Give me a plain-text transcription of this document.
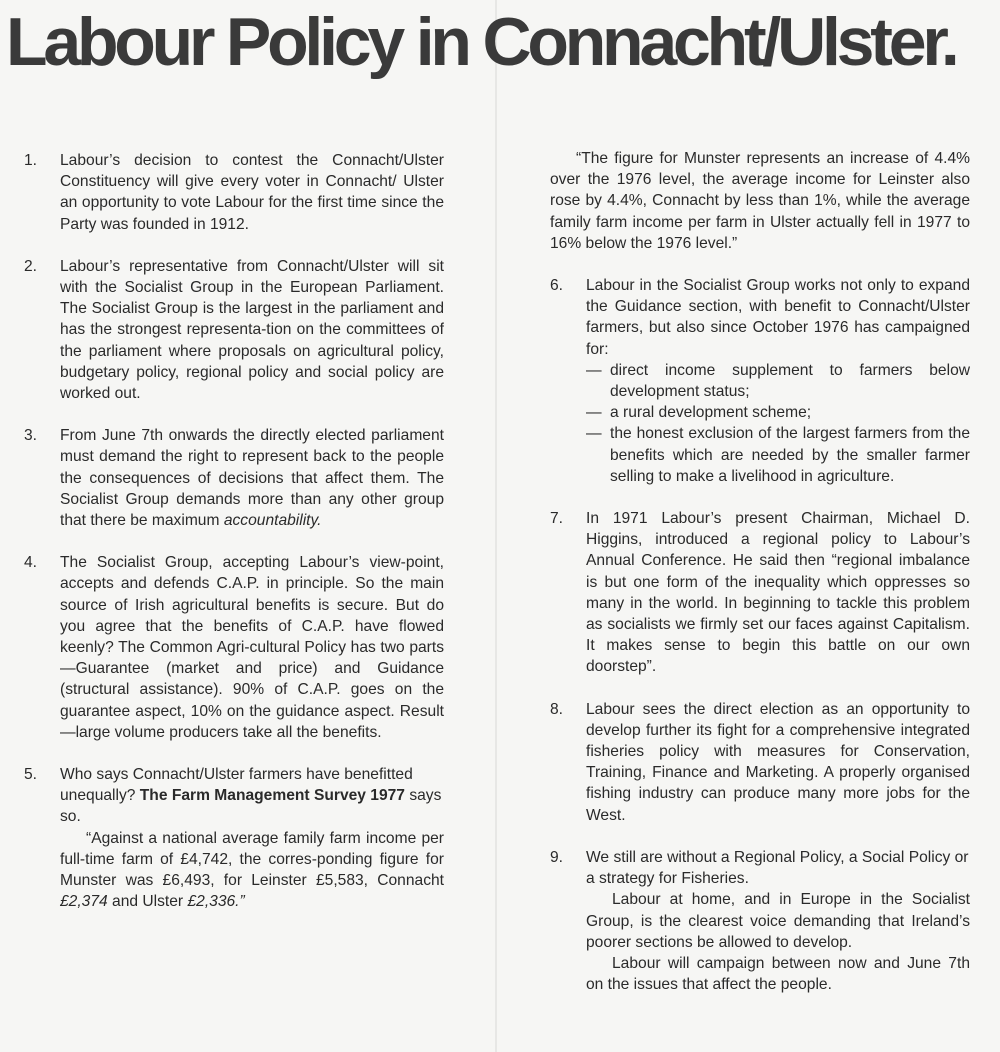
Labour Policy in Connacht/Ulster.
1. Labour’s decision to contest the Connacht/Ulster Constituency will give every voter in Connacht/ Ulster an opportunity to vote Labour for the first time since the Party was founded in 1912.

2. Labour’s representative from Connacht/Ulster will sit with the Socialist Group in the European Parliament. The Socialist Group is the largest in the parliament and has the strongest representa-tion on the committees of the parliament where proposals on agricultural policy, budgetary policy, regional policy and social policy are worked out.

3. From June 7th onwards the directly elected parliament must demand the right to represent back to the people the consequences of decisions that affect them. The Socialist Group demands more than any other group that there be maximum accountability.

4. The Socialist Group, accepting Labour’s view-point, accepts and defends C.A.P. in principle. So the main source of Irish agricultural benefits is secure. But do you agree that the benefits of C.A.P. have flowed keenly? The Common Agri-cultural Policy has two parts—Guarantee (market and price) and Guidance (structural assistance). 90% of C.A.P. goes on the guarantee aspect, 10% on the guidance aspect. Result—large volume producers take all the benefits.

5. Who says Connacht/Ulster farmers have benefitted unequally? The Farm Management Survey 1977 says so.

“Against a national average family farm income per full-time farm of £4,742, the corres-ponding figure for Munster was £6,493, for Leinster £5,583, Connacht £2,374 and Ulster £2,336.”

“The figure for Munster represents an increase of 4.4% over the 1976 level, the average income for Leinster also rose by 4.4%, Connacht by less than 1%, while the average family farm income per farm in Ulster actually fell in 1977 to 16% below the 1976 level.”

6. Labour in the Socialist Group works not only to expand the Guidance section, with benefit to Connacht/Ulster farmers, but also since October 1976 has campaigned for:

— direct income supplement to farmers below development status;
— a rural development scheme;
— the honest exclusion of the largest farmers from the benefits which are needed by the smaller farmer selling to make a livelihood in agriculture.
7. In 1971 Labour’s present Chairman, Michael D. Higgins, introduced a regional policy to Labour’s Annual Conference. He said then “regional imbalance is but one form of the inequality which oppresses so many in the world. In beginning to tackle this problem as socialists we firmly set our faces against Capitalism. It makes sense to begin this battle on our own doorstep”.

8. Labour sees the direct election as an opportunity to develop further its fight for a comprehensive integrated fisheries policy with measures for Conservation, Training, Finance and Marketing. A properly organised fishing industry can produce many more jobs for the West.

9. We still are without a Regional Policy, a Social Policy or a strategy for Fisheries.

Labour at home, and in Europe in the Socialist Group, is the clearest voice demanding that Ireland’s poorer sections be allowed to develop.

Labour will campaign between now and June 7th on the issues that affect the people.
